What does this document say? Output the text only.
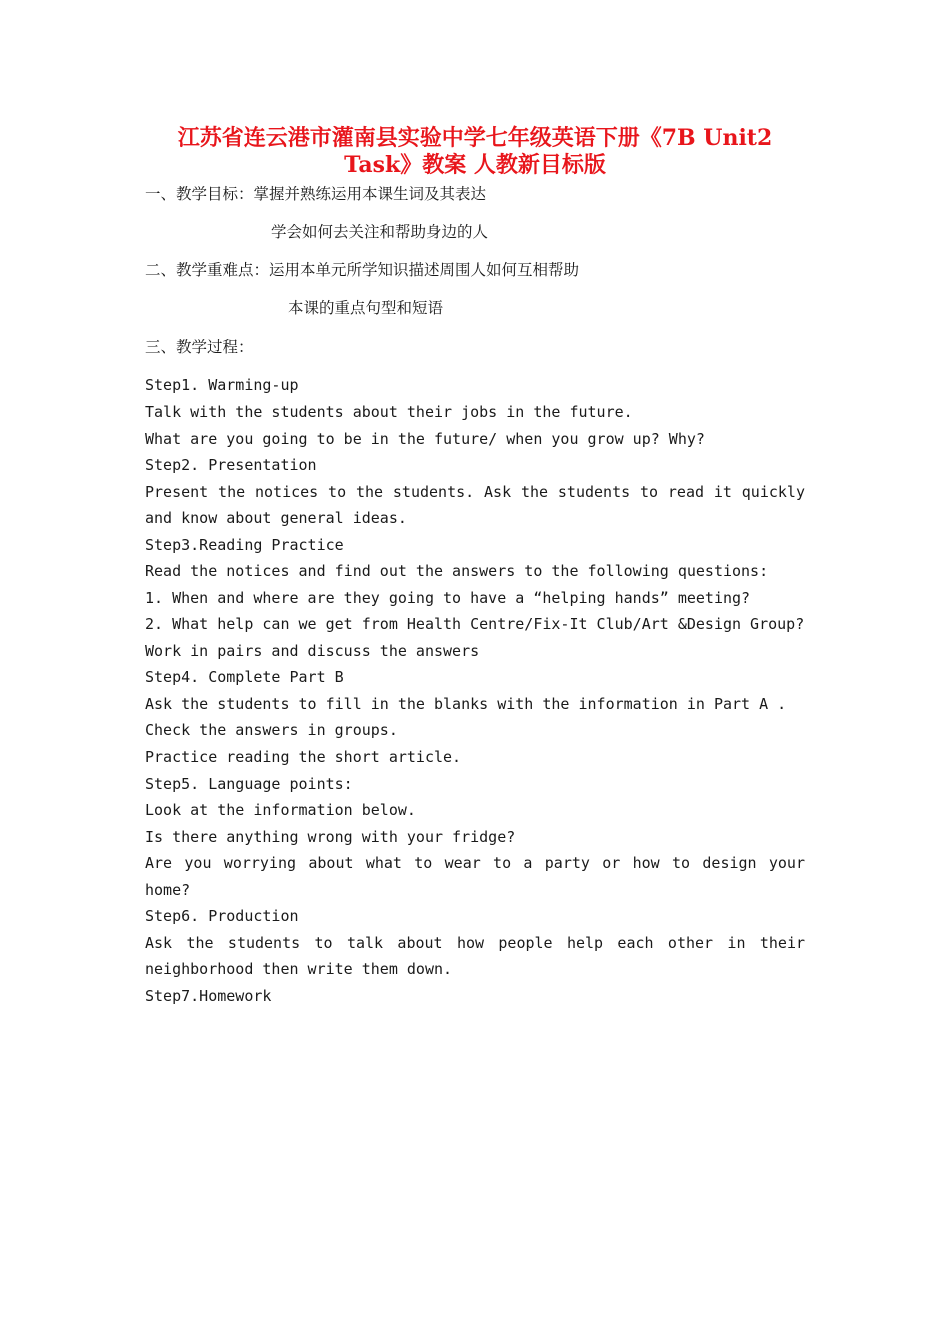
江苏省连云港市灌南县实验中学七年级英语下册《7B Unit2
Task》教案 人教新目标版
一、教学目标：掌握并熟练运用本课生词及其表达
学会如何去关注和帮助身边的人
二、教学重难点：运用本单元所学知识描述周围人如何互相帮助
本课的重点句型和短语
三、教学过程：
Step1. Warming-up
Talk with the students about their jobs in the future.
What are you going to be in the future/ when you grow up? Why?
Step2. Presentation
Present the notices to the students. Ask the students to read it quickly
and know about general ideas.
Step3.Reading Practice
Read the notices and find out the answers to the following questions:
1. When and where are they going to have a “helping hands” meeting?
2. What help can we get from Health Centre/Fix-It Club/Art &Design Group?
Work in pairs and discuss the answers
Step4. Complete Part B
Ask the students to fill in the blanks with the information in Part A .
Check the answers in groups.
Practice reading the short article.
Step5. Language points:
Look at the information below.
Is there anything wrong with your fridge?
Are you worrying about what to wear to a party or how to design your
home?
Step6. Production
Ask the students to talk about how people help each other in their
neighborhood then write them down.
Step7.Homework
